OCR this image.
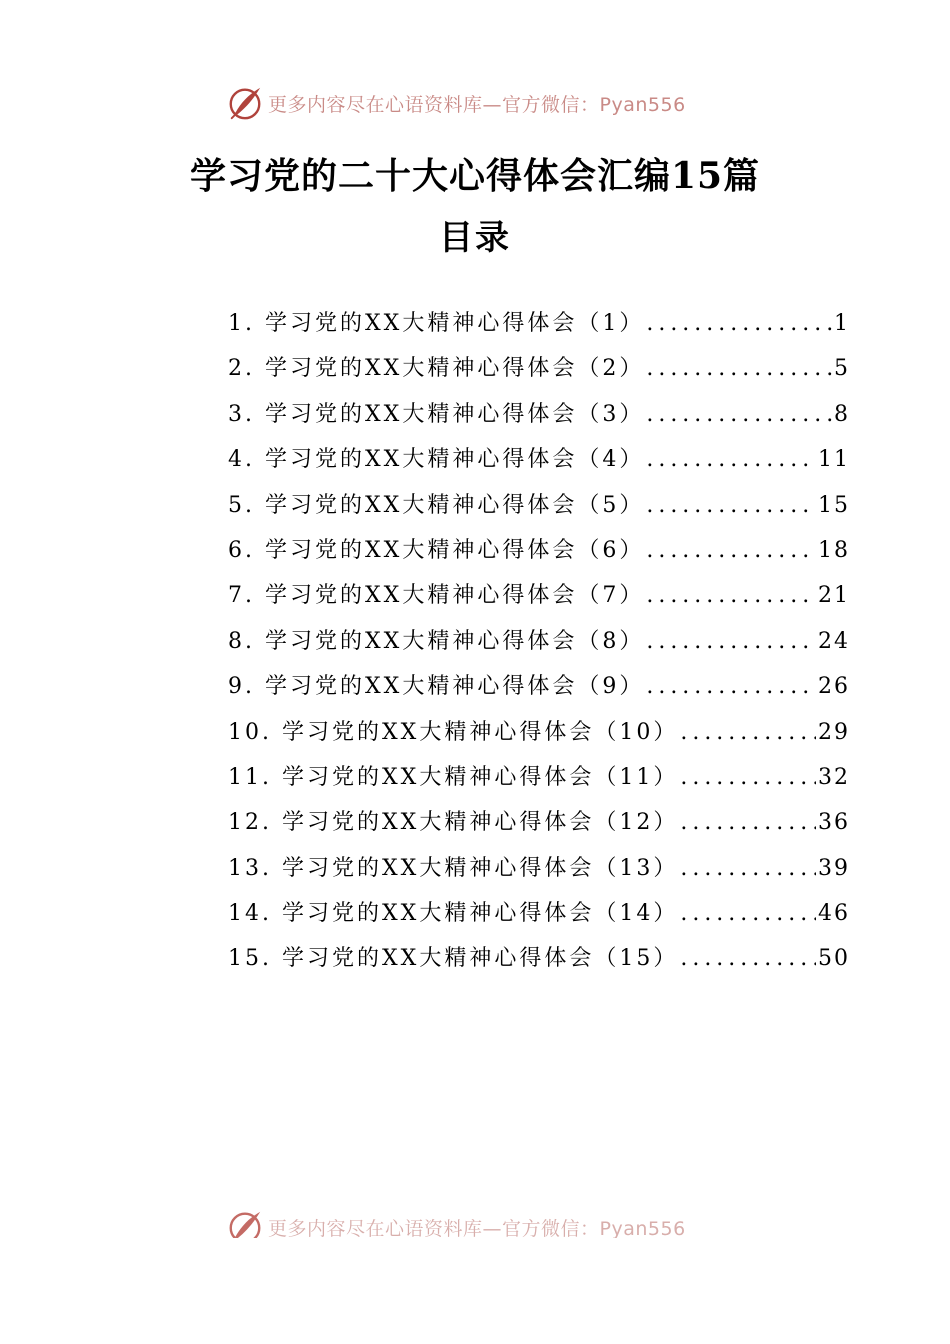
更多内容尽在心语资料库—官方微信：Pyan556
学习党的二十大心得体会汇编15篇
目录
1. 学习党的XX大精神心得体会（1） .....	1
2. 学习党的XX大精神心得体会（2） .....	5
3. 学习党的XX大精神心得体会（3） .....	8
4. 学习党的XX大精神心得体会（4） .....	11
5. 学习党的XX大精神心得体会（5） .....	15
6. 学习党的XX大精神心得体会（6） .....	18
7. 学习党的XX大精神心得体会（7） .....	21
8. 学习党的XX大精神心得体会（8） .....	24
9. 学习党的XX大精神心得体会（9） .....	26
10. 学习党的XX大精神心得体会（10） .....	29
11. 学习党的XX大精神心得体会（11） .....	32
12. 学习党的XX大精神心得体会（12） .....	36
13. 学习党的XX大精神心得体会（13） .....	39
14. 学习党的XX大精神心得体会（14） .....	46
15. 学习党的XX大精神心得体会（15） .....	50
更多内容尽在心语资料库—官方微信：Pyan556
